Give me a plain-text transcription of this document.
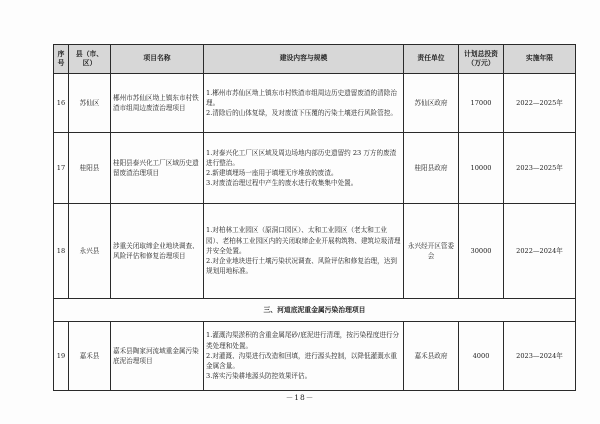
序号	县（市、区）	项目名称	建设内容与规模	责任单位	计划总投资（万元）	实施年限
16	苏仙区	郴州市苏仙区坳上镇东市村铁渣市组周边废渣治理项目	1.郴州市苏仙区坳上镇东市村铁渣市组周边历史遗留废渣的清除治理。
2.清除后的山体复绿，及对废渣下压覆的污染土壤进行风险管控。	苏仙区政府	17000	2022—2025年
17	桂阳县	桂阳县泰兴化工厂区域历史遗留废渣治理项目	1.对泰兴化工厂区区域及周边场地内部历史遗留约 23 万方的废渣进行整治。
2.新建填埋场一座用于填埋无序堆放的废渣。
3.对废渣治理过程中产生的废水进行收集集中处置。	桂阳县政府	10000	2023—2025年
18	永兴县	涉重关闭取缔企业地块调查、风险评估和修复治理项目	1.对柏林工业园区（原洞口园区）、太和工业园区（老太和工业园）、老柏林工业园区内的关闭取缔企业开展构筑物、建筑垃圾清理并安全处置。
2.对企业地块进行土壤污染状况调查、风险评估和修复治理，达到规划用地标准。	永兴经开区管委会	30000	2022—2024年
三、河道底泥重金属污染治理项目						
19	嘉禾县	嘉禾县陶家河流域重金属污染底泥治理项目	1.灌溉沟渠淤积的含重金属尾砂/底泥进行清理，按污染程度进行分类处理和处置。
2.对灌溉、沟渠进行改造和回填，进行源头控制，以降低灌溉水重金属含量。
3.落实污染耕地源头防控效果评估。	嘉禾县政府	4000	2023—2024年
－18－
